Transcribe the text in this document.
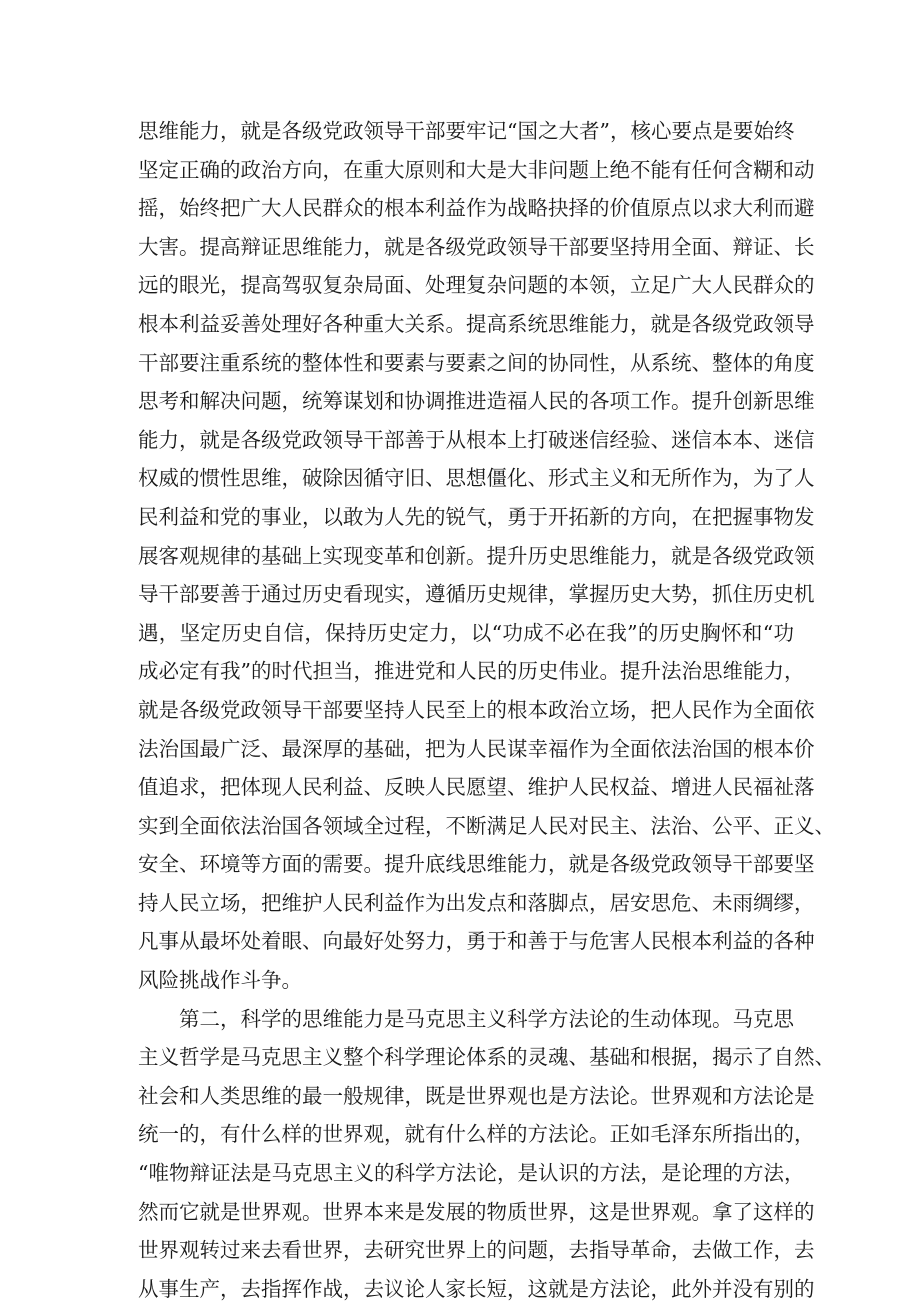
思维能力，就是各级党政领导干部要牢记“国之大者”，核心要点是要始终
坚定正确的政治方向，在重大原则和大是大非问题上绝不能有任何含糊和动
摇，始终把广大人民群众的根本利益作为战略抉择的价值原点以求大利而避
大害。提高辩证思维能力，就是各级党政领导干部要坚持用全面、辩证、长
远的眼光，提高驾驭复杂局面、处理复杂问题的本领，立足广大人民群众的
根本利益妥善处理好各种重大关系。提高系统思维能力，就是各级党政领导
干部要注重系统的整体性和要素与要素之间的协同性，从系统、整体的角度
思考和解决问题，统筹谋划和协调推进造福人民的各项工作。提升创新思维
能力，就是各级党政领导干部善于从根本上打破迷信经验、迷信本本、迷信
权威的惯性思维，破除因循守旧、思想僵化、形式主义和无所作为，为了人
民利益和党的事业，以敢为人先的锐气，勇于开拓新的方向，在把握事物发
展客观规律的基础上实现变革和创新。提升历史思维能力，就是各级党政领
导干部要善于通过历史看现实，遵循历史规律，掌握历史大势，抓住历史机
遇，坚定历史自信，保持历史定力，以“功成不必在我”的历史胸怀和“功
成必定有我”的时代担当，推进党和人民的历史伟业。提升法治思维能力，
就是各级党政领导干部要坚持人民至上的根本政治立场，把人民作为全面依
法治国最广泛、最深厚的基础，把为人民谋幸福作为全面依法治国的根本价
值追求，把体现人民利益、反映人民愿望、维护人民权益、增进人民福祉落
实到全面依法治国各领域全过程，不断满足人民对民主、法治、公平、正义、
安全、环境等方面的需要。提升底线思维能力，就是各级党政领导干部要坚
持人民立场，把维护人民利益作为出发点和落脚点，居安思危、未雨绸缪，
凡事从最坏处着眼、向最好处努力，勇于和善于与危害人民根本利益的各种
风险挑战作斗争。
第二，科学的思维能力是马克思主义科学方法论的生动体现。马克思
主义哲学是马克思主义整个科学理论体系的灵魂、基础和根据，揭示了自然、
社会和人类思维的最一般规律，既是世界观也是方法论。世界观和方法论是
统一的，有什么样的世界观，就有什么样的方法论。正如毛泽东所指出的，
“唯物辩证法是马克思主义的科学方法论，是认识的方法，是论理的方法，
然而它就是世界观。世界本来是发展的物质世界，这是世界观。拿了这样的
世界观转过来去看世界，去研究世界上的问题，去指导革命，去做工作，去
从事生产，去指挥作战，去议论人家长短，这就是方法论，此外并没有别的
